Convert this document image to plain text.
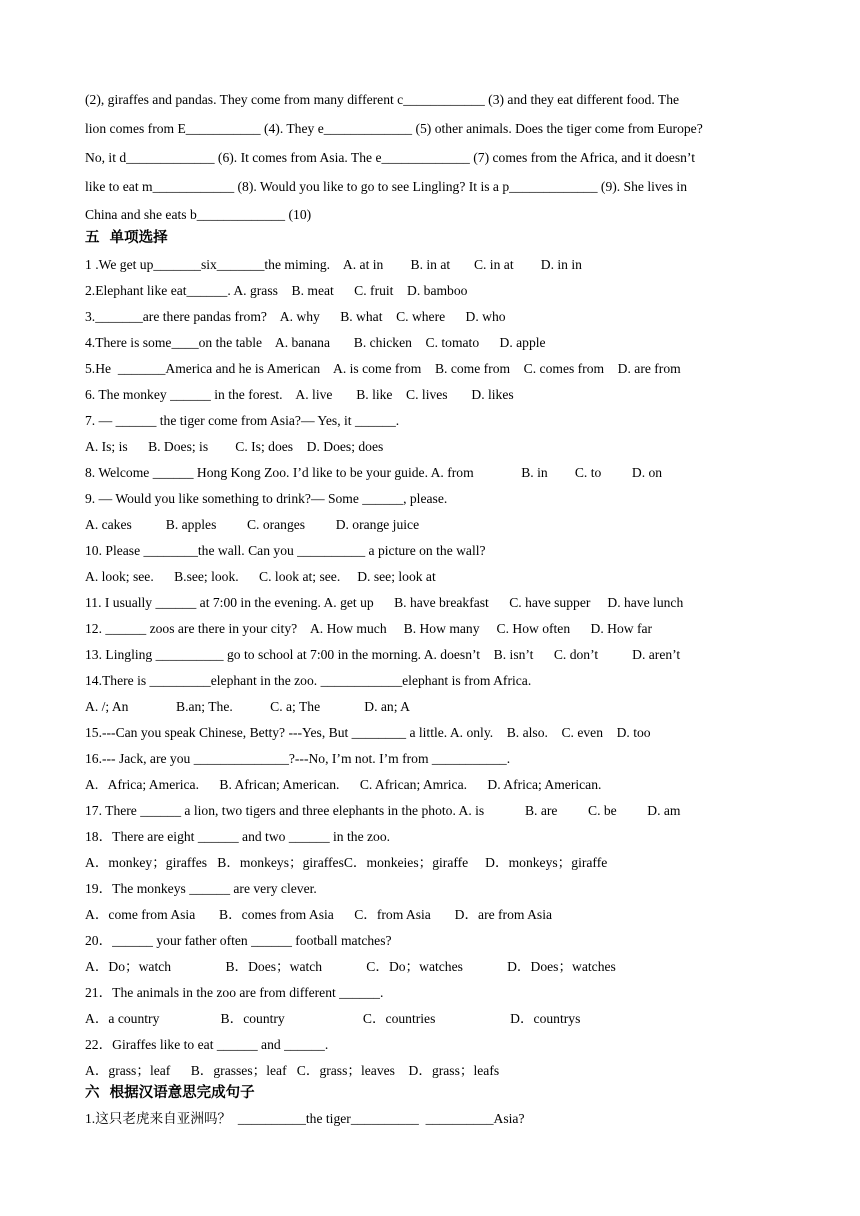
(2), giraffes and pandas. They come from many different c____________ (3) and they eat different food. The
lion comes from E___________ (4). They e_____________ (5) other animals. Does the tiger come from Europe?
No, it d_____________ (6). It comes from Asia. The e_____________ (7) comes from the Africa, and it doesn’t
like to eat m____________ (8). Would you like to go to see Lingling? It is a p_____________ (9). She lives in
China and she eats b_____________ (10)
五  单项选择
1 .We get up_______six_______the miming.    A. at in        B. in at       C. in at        D. in in
2.Elephant like eat______. A. grass    B. meat      C. fruit    D. bamboo
3._______are there pandas from?    A. why      B. what    C. where      D. who
4.There is some____on the table    A. banana       B. chicken    C. tomato      D. apple
5.He  _______America and he is American    A. is come from    B. come from    C. comes from    D. are from
6. The monkey ______ in the forest.    A. live       B. like    C. lives       D. likes
7. — ______ the tiger come from Asia?— Yes, it ______.
A. Is; is      B. Does; is        C. Is; does    D. Does; does
8. Welcome ______ Hong Kong Zoo. I’d like to be your guide. A. from              B. in        C. to         D. on
9. — Would you like something to drink?— Some ______, please.
A. cakes          B. apples         C. oranges         D. orange juice
10. Please ________the wall. Can you __________ a picture on the wall?
A. look; see.      B.see; look.      C. look at; see.     D. see; look at
11. I usually ______ at 7:00 in the evening. A. get up      B. have breakfast      C. have supper     D. have lunch
12. ______ zoos are there in your city?    A. How much     B. How many     C. How often      D. How far
13. Lingling __________ go to school at 7:00 in the morning. A. doesn’t    B. isn’t      C. don’t          D. aren’t
14.There is _________elephant in the zoo. ____________elephant is from Africa.
A. /; An              B.an; The.           C. a; The             D. an; A
15.---Can you speak Chinese, Betty? ---Yes, But ________ a little. A. only.    B. also.    C. even    D. too
16.--- Jack, are you ______________?---No, I’m not. I’m from ___________.
A.   Africa; America.      B. African; American.      C. African; Amrica.      D. Africa; American.
17. There ______ a lion, two tigers and three elephants in the photo. A. is            B. are         C. be         D. am
18．There are eight ______ and two ______ in the zoo.
A．monkey；giraffes   B．monkeys；giraffesC．monkeies；giraffe     D．monkeys；giraffe
19．The monkeys ______ are very clever.
A．come from Asia       B．comes from Asia      C．from Asia       D．are from Asia
20．______ your father often ______ football matches?
A．Do；watch                B．Does；watch             C．Do；watches             D．Does；watches
21．The animals in the zoo are from different ______.
A．a country                  B．country                       C．countries                      D．countrys
22．Giraffes like to eat ______ and ______.
A．grass；leaf      B．grasses；leaf   C．grass；leaves    D．grass；leafs
六  根据汉语意思完成句子
1.这只老虎来自亚洲吗？  __________the tiger__________  __________Asia?
